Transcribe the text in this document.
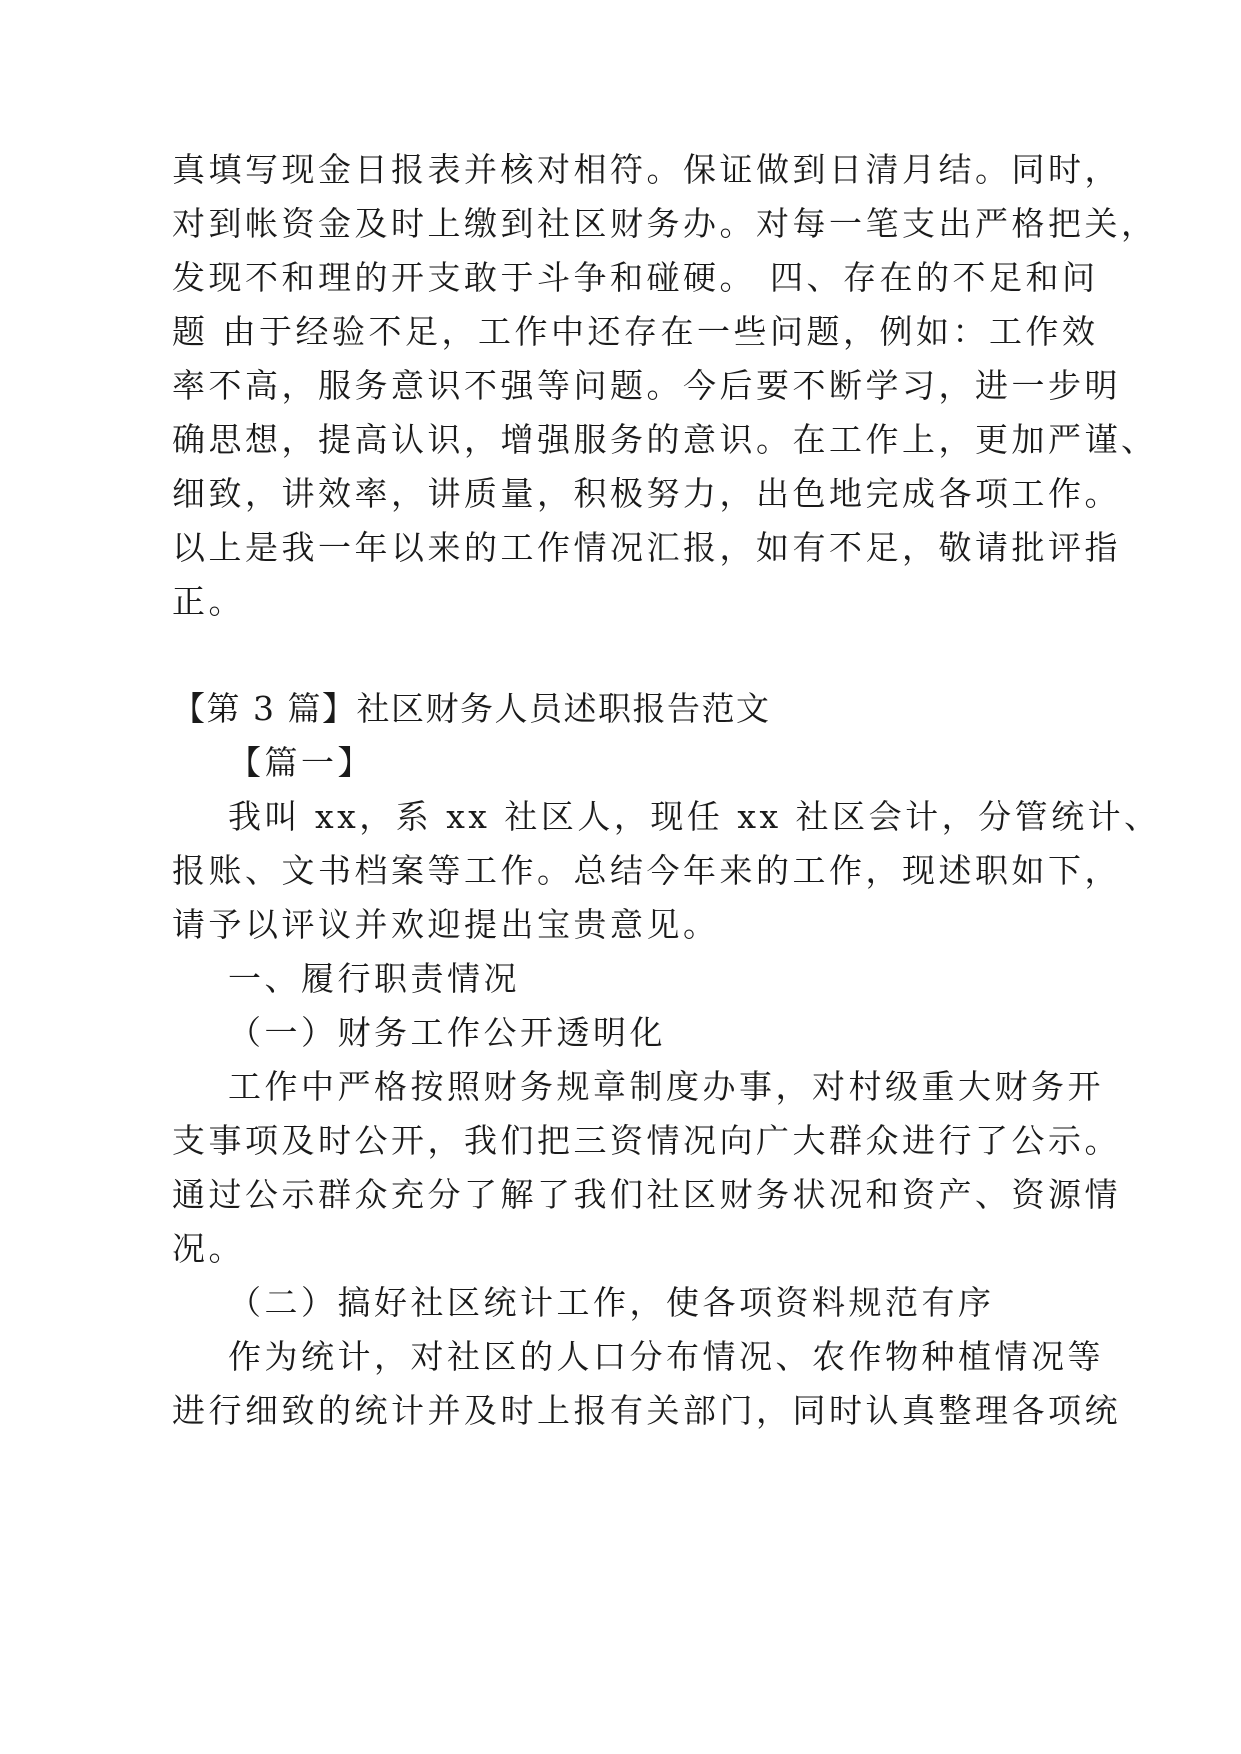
真填写现金日报表并核对相符。保证做到日清月结。同时，

对到帐资金及时上缴到社区财务办。对每一笔支出严格把关，

发现不和理的开支敢于斗争和碰硬。 四、存在的不足和问

题 由于经验不足，工作中还存在一些问题，例如：工作效

率不高，服务意识不强等问题。今后要不断学习，进一步明

确思想，提高认识，增强服务的意识。在工作上，更加严谨、

细致，讲效率，讲质量，积极努力，出色地完成各项工作。

以上是我一年以来的工作情况汇报，如有不足，敬请批评指

正。

【第 3 篇】社区财务人员述职报告范文

【篇一】

我叫 xx，系 xx 社区人，现任 xx 社区会计，分管统计、

报账、文书档案等工作。总结今年来的工作，现述职如下，

请予以评议并欢迎提出宝贵意见。

一、履行职责情况

（一）财务工作公开透明化

工作中严格按照财务规章制度办事，对村级重大财务开

支事项及时公开，我们把三资情况向广大群众进行了公示。

通过公示群众充分了解了我们社区财务状况和资产、资源情

况。

（二）搞好社区统计工作，使各项资料规范有序

作为统计，对社区的人口分布情况、农作物种植情况等

进行细致的统计并及时上报有关部门，同时认真整理各项统
